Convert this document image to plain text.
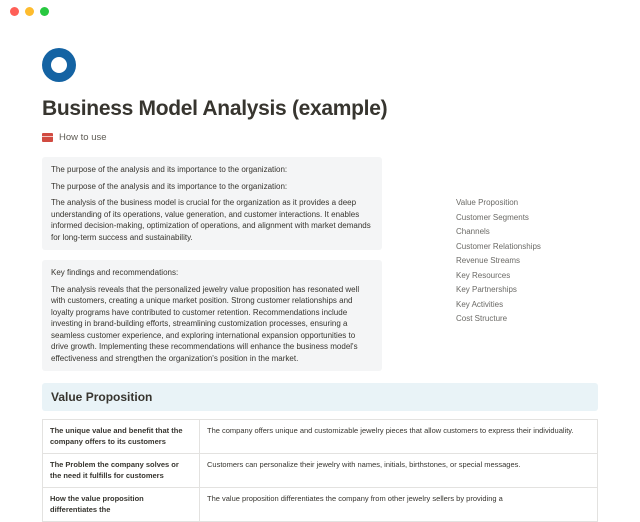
Business Model Analysis (example)
How to use

The purpose of the analysis and its importance to the organization:

The purpose of the analysis and its importance to the organization:

The analysis of the business model is crucial for the organization as it provides a deep understanding of its operations, value generation, and customer interactions. It enables informed decision-making, optimization of operations, and alignment with market demands for long-term success and sustainability.

Key findings and recommendations:

The analysis reveals that the personalized jewelry value proposition has resonated well with customers, creating a unique market position. Strong customer relationships and loyalty programs have contributed to customer retention. Recommendations include investing in brand-building efforts, streamlining customization processes, ensuring a seamless customer experience, and exploring international expansion opportunities to drive growth. Implementing these recommendations will enhance the business model's effectiveness and strengthen the organization's position in the market.

Value Proposition
Customer Segments
Channels
Customer Relationships
Revenue Streams
Key Resources
Key Partnerships
Key Activities
Cost Structure
Value Proposition
The unique value and benefit that the company offers to its customers	The company offers unique and customizable jewelry pieces that allow customers to express their individuality.
The Problem the company solves or the need it fulfills for customers	Customers can personalize their jewelry with names, initials, birthstones, or special messages.
How the value proposition differentiates the	The value proposition differentiates the company from other jewelry sellers by providing a
